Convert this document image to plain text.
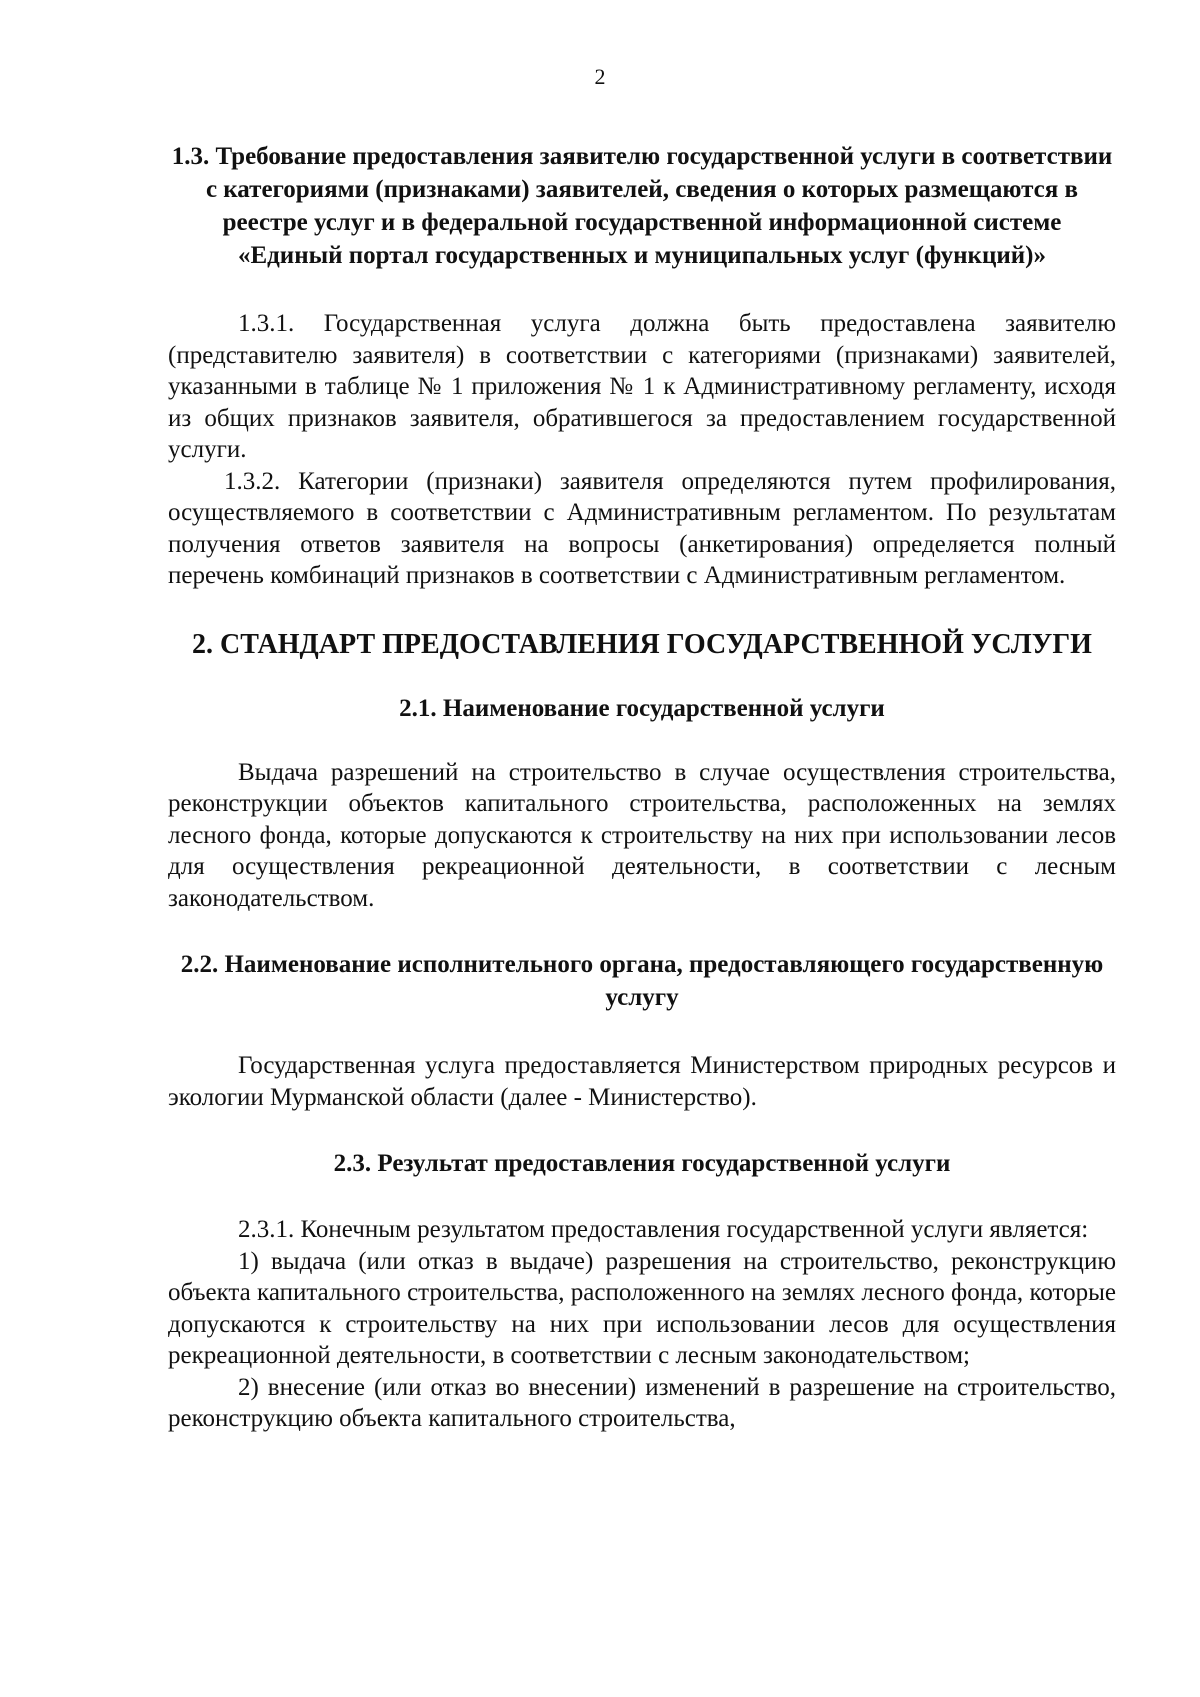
2
1.3. Требование предоставления заявителю государственной услуги в соответствии с категориями (признаками) заявителей, сведения о которых размещаются в реестре услуг и в федеральной государственной информационной системе «Единый портал государственных и муниципальных услуг (функций)»

1.3.1. Государственная услуга должна быть предоставлена заявителю (представителю заявителя) в соответствии с категориями (признаками) заявителей, указанными в таблице № 1 приложения № 1 к Административному регламенту, исходя из общих признаков заявителя, обратившегося за предоставлением государственной услуги.

1.3.2. Категории (признаки) заявителя определяются путем профилирования, осуществляемого в соответствии с Административным регламентом. По результатам получения ответов заявителя на вопросы (анкетирования) определяется полный перечень комбинаций признаков в соответствии с Административным регламентом.

2. СТАНДАРТ ПРЕДОСТАВЛЕНИЯ ГОСУДАРСТВЕННОЙ УСЛУГИ
2.1. Наименование государственной услуги

Выдача разрешений на строительство в случае осуществления строительства, реконструкции объектов капитального строительства, расположенных на землях лесного фонда, которые допускаются к строительству на них при использовании лесов для осуществления рекреационной деятельности, в соответствии с лесным законодательством.

2.2. Наименование исполнительного органа, предоставляющего государственную услугу

Государственная услуга предоставляется Министерством природных ресурсов и экологии Мурманской области (далее - Министерство).

2.3. Результат предоставления государственной услуги

2.3.1. Конечным результатом предоставления государственной услуги является:

1) выдача (или отказ в выдаче) разрешения на строительство, реконструкцию объекта капитального строительства, расположенного на землях лесного фонда, которые допускаются к строительству на них при использовании лесов для осуществления рекреационной деятельности, в соответствии с лесным законодательством;

2) внесение (или отказ во внесении) изменений в разрешение на строительство, реконструкцию объекта капитального строительства,
